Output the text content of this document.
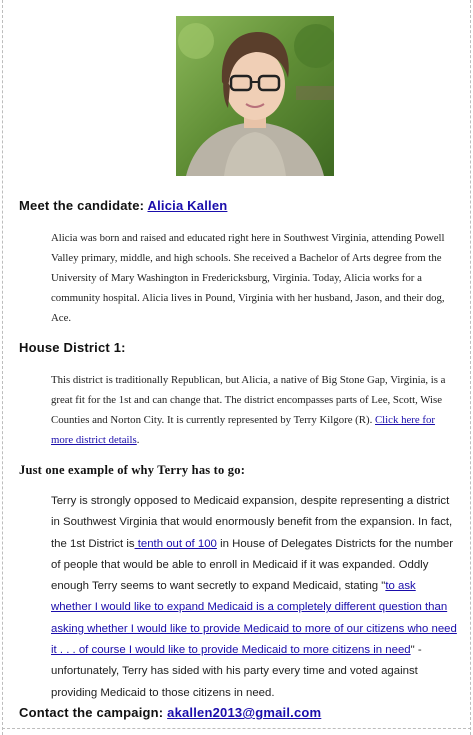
Meet the candidate: Alicia Kallen
Alicia was born and raised and educated right here in Southwest Virginia, attending Powell Valley primary, middle, and high schools. She received a Bachelor of Arts degree from the University of Mary Washington in Fredericksburg, Virginia. Today, Alicia works for a community hospital. Alicia lives in Pound, Virginia with her husband, Jason, and their dog, Ace.
House District 1:
This district is traditionally Republican, but Alicia, a native of Big Stone Gap, Virginia, is a great fit for the 1st and can change that. The district encompasses parts of Lee, Scott, Wise Counties and Norton City. It is currently represented by Terry Kilgore (R). Click here for more district details.
Just one example of why Terry has to go:
Terry is strongly opposed to Medicaid expansion, despite representing a district in Southwest Virginia that would enormously benefit from the expansion. In fact, the 1st District is tenth out of 100 in House of Delegates Districts for the number of people that would be able to enroll in Medicaid if it was expanded. Oddly enough Terry seems to want secretly to expand Medicaid, stating "to ask whether I would like to expand Medicaid is a completely different question than asking whether I would like to provide Medicaid to more of our citizens who need it . . . of course I would like to provide Medicaid to more citizens in need" - unfortunately, Terry has sided with his party every time and voted against providing Medicaid to those citizens in need.
Contact the campaign: akallen2013@gmail.com
